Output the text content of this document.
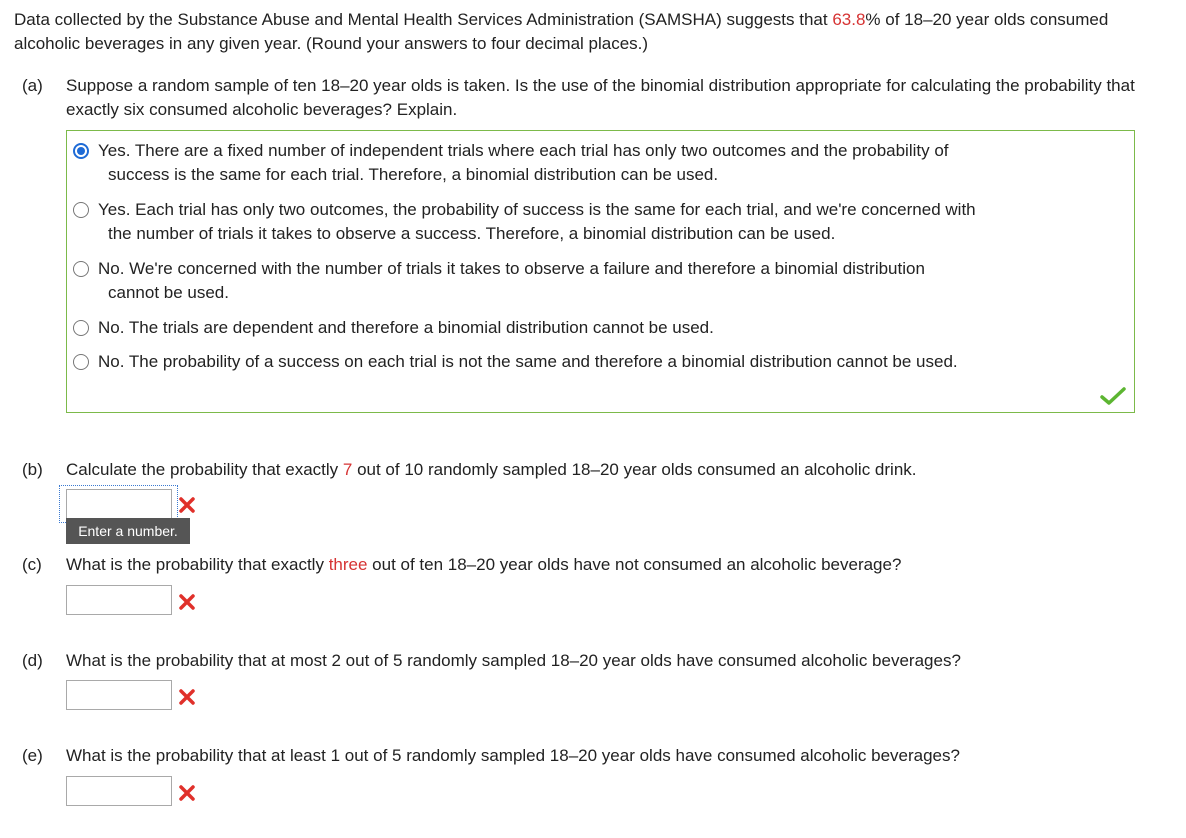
Data collected by the Substance Abuse and Mental Health Services Administration (SAMSHA) suggests that 63.8% of 18–20 year olds consumed alcoholic beverages in any given year. (Round your answers to four decimal places.)
(a) Suppose a random sample of ten 18–20 year olds is taken. Is the use of the binomial distribution appropriate for calculating the probability that exactly six consumed alcoholic beverages? Explain.
Yes. There are a fixed number of independent trials where each trial has only two outcomes and the probability of
success is the same for each trial. Therefore, a binomial distribution can be used.
Yes. Each trial has only two outcomes, the probability of success is the same for each trial, and we're concerned with
the number of trials it takes to observe a success. Therefore, a binomial distribution can be used.
No. We're concerned with the number of trials it takes to observe a failure and therefore a binomial distribution
cannot be used.
No. The trials are dependent and therefore a binomial distribution cannot be used.
No. The probability of a success on each trial is not the same and therefore a binomial distribution cannot be used.
(b) Calculate the probability that exactly 7 out of 10 randomly sampled 18–20 year olds consumed an alcoholic drink.
Enter a number.
(c) What is the probability that exactly three out of ten 18–20 year olds have not consumed an alcoholic beverage?
(d) What is the probability that at most 2 out of 5 randomly sampled 18–20 year olds have consumed alcoholic beverages?
(e) What is the probability that at least 1 out of 5 randomly sampled 18–20 year olds have consumed alcoholic beverages?
